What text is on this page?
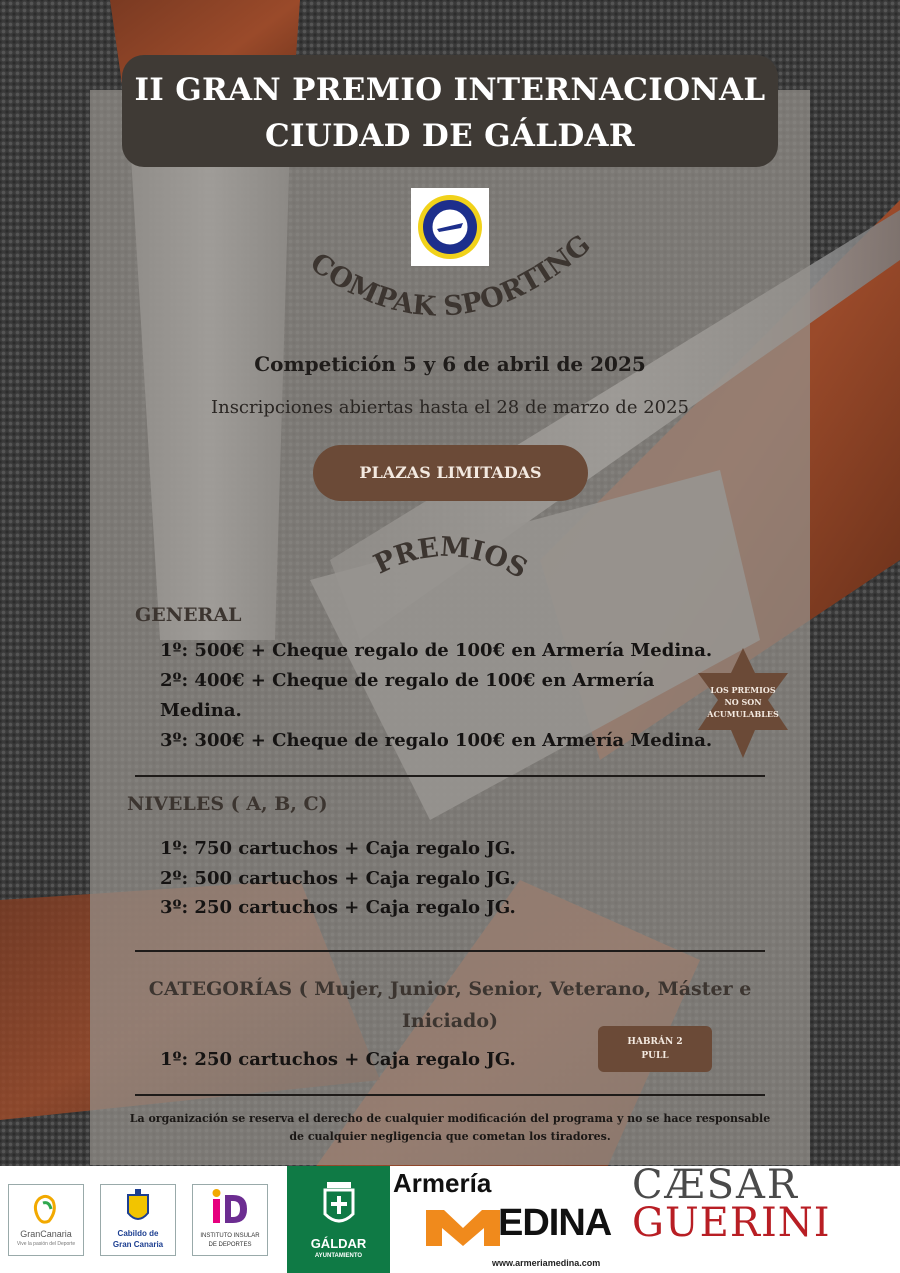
II GRAN PREMIO INTERNACIONAL
CIUDAD DE GÁLDAR
COMPAK SPORTING
Competición 5 y 6 de abril de 2025
Inscripciones abiertas hasta el 28 de marzo de 2025
PLAZAS LIMITADAS
PREMIOS
GENERAL
1º: 500€ + Cheque regalo de 100€ en Armería Medina.
2º: 400€ + Cheque de regalo de 100€ en Armería
Medina.
3º: 300€ + Cheque de regalo 100€ en Armería Medina.
LOS PREMIOS
NO SON
ACUMULABLES
NIVELES ( A, B, C)
1º: 750 cartuchos + Caja regalo JG.
2º: 500 cartuchos + Caja regalo JG.
3º: 250 cartuchos + Caja regalo JG.
CATEGORÍAS ( Mujer, Junior, Senior, Veterano, Máster e
Iniciado)
1º: 250 cartuchos + Caja regalo JG.
HABRÁN 2
PULL
La organización se reserva el derecho de cualquier modificación del programa y no se hace responsable
de cualquier negligencia que cometan los tiradores.
GranCanaria
Vive la pasión del Deporte
Cabildo de
Gran Canaria
INSTITUTO INSULAR
DE DEPORTES	GÁLDAR
AYUNTAMIENTO
Armería
EDINA
www.armeriamedina.com
CÆSAR
GUERINI
